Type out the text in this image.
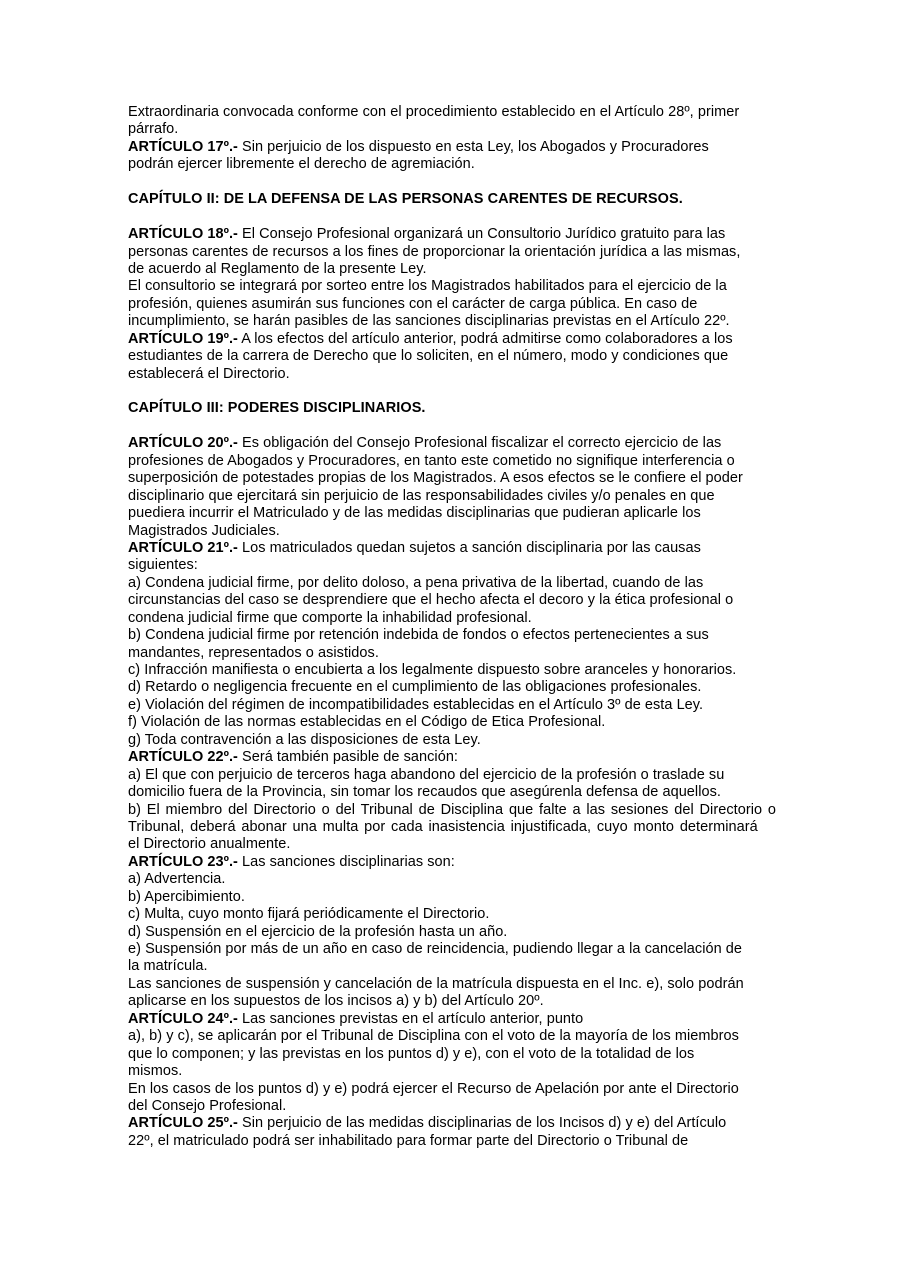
Extraordinaria convocada conforme con el procedimiento establecido en el Artículo 28º, primer
párrafo.
ARTÍCULO 17º.- Sin perjuicio de los dispuesto en esta Ley, los Abogados y Procuradores
podrán ejercer libremente el derecho de agremiación.

CAPÍTULO II: DE LA DEFENSA DE LAS PERSONAS CARENTES DE RECURSOS.

ARTÍCULO 18º.- El Consejo Profesional organizará un Consultorio Jurídico gratuito para las
personas carentes de recursos a los fines de proporcionar la orientación jurídica a las mismas,
de acuerdo al Reglamento de la presente Ley.
El consultorio se integrará por sorteo entre los Magistrados habilitados para el ejercicio de la
profesión, quienes asumirán sus funciones con el carácter de carga pública. En caso de
incumplimiento, se harán pasibles de las sanciones disciplinarias previstas en el Artículo 22º.
ARTÍCULO 19º.- A los efectos del artículo anterior, podrá admitirse como colaboradores a los
estudiantes de la carrera de Derecho que lo soliciten, en el número, modo y condiciones que
establecerá el Directorio.

CAPÍTULO III: PODERES DISCIPLINARIOS.

ARTÍCULO 20º.- Es obligación del Consejo Profesional fiscalizar el correcto ejercicio de las
profesiones de Abogados y Procuradores, en tanto este cometido no signifique interferencia o
superposición de potestades propias de los Magistrados. A esos efectos se le confiere el poder
disciplinario que ejercitará sin perjuicio de las responsabilidades civiles y/o penales en que
puediera incurrir el Matriculado y de las medidas disciplinarias que pudieran aplicarle los
Magistrados Judiciales.
ARTÍCULO 21º.- Los matriculados quedan sujetos a sanción disciplinaria por las causas
siguientes:
a) Condena judicial firme, por delito doloso, a pena privativa de la libertad, cuando de las
circunstancias del caso se desprendiere que el hecho afecta el decoro y la ética profesional o
condena judicial firme que comporte la inhabilidad profesional.
b) Condena judicial firme por retención indebida de fondos o efectos pertenecientes a sus
mandantes, representados o asistidos.
c) Infracción manifiesta o encubierta a los legalmente dispuesto sobre aranceles y honorarios.
d) Retardo o negligencia frecuente en el cumplimiento de las obligaciones profesionales.
e) Violación del régimen de incompatibilidades establecidas en el Artículo 3º de esta Ley.
f) Violación de las normas establecidas en el Código de Etica Profesional.
g) Toda contravención a las disposiciones de esta Ley.
ARTÍCULO 22º.- Será también pasible de sanción:
a) El que con perjuicio de terceros haga abandono del ejercicio de la profesión o traslade su
domicilio fuera de la Provincia, sin tomar los recaudos que asegúrenla defensa de aquellos.
b) El miembro del Directorio o del Tribunal de Disciplina que falte a las sesiones del Directorio o
Tribunal, deberá abonar una multa por cada inasistencia injustificada, cuyo monto determinará
el Directorio anualmente.
ARTÍCULO 23º.- Las sanciones disciplinarias son:
a) Advertencia.
b) Apercibimiento.
c) Multa, cuyo monto fijará periódicamente el Directorio.
d) Suspensión en el ejercicio de la profesión hasta un año.
e) Suspensión por más de un año en caso de reincidencia, pudiendo llegar a la cancelación de
la matrícula.
Las sanciones de suspensión y cancelación de la matrícula dispuesta en el Inc. e), solo podrán
aplicarse en los supuestos de los incisos a) y b) del Artículo 20º.
ARTÍCULO 24º.- Las sanciones previstas en el artículo anterior, punto
a), b) y c), se aplicarán por el Tribunal de Disciplina con el voto de la mayoría de los miembros
que lo componen; y las previstas en los puntos d) y e), con el voto de la totalidad de los
mismos.
En los casos de los puntos d) y e) podrá ejercer el Recurso de Apelación por ante el Directorio
del Consejo Profesional.
ARTÍCULO 25º.- Sin perjuicio de las medidas disciplinarias de los Incisos d) y e) del Artículo
22º, el matriculado podrá ser inhabilitado para formar parte del Directorio o Tribunal de
